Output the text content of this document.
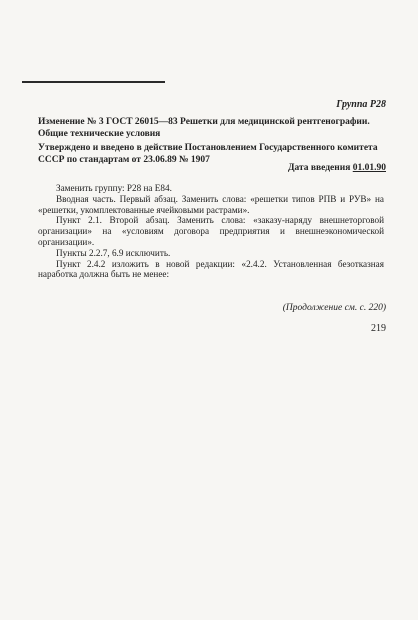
Группа Р28
Изменение № 3 ГОСТ 26015—83 Решетки для медицинской рентгенографии. Общие технические условия
Утверждено и введено в действие Постановлением Государственного комитета СССР по стандартам от 23.06.89 № 1907
Дата введения 01.01.90

Заменить группу: Р28 на Е84.

Вводная часть. Первый абзац. Заменить слова: «решетки типов РПВ и РУВ» на «решетки, укомплектованные ячейковыми растрами».

Пункт 2.1. Второй абзац. Заменить слова: «заказу-наряду внешнеторговой организации» на «условиям договора предприятия и внешнеэкономической организации».

Пункты 2.2.7, 6.9 исключить.

Пункт 2.4.2 изложить в новой редакции: «2.4.2. Установленная безотказная наработка должна быть не менее:

(Продолжение см. с. 220)
219
